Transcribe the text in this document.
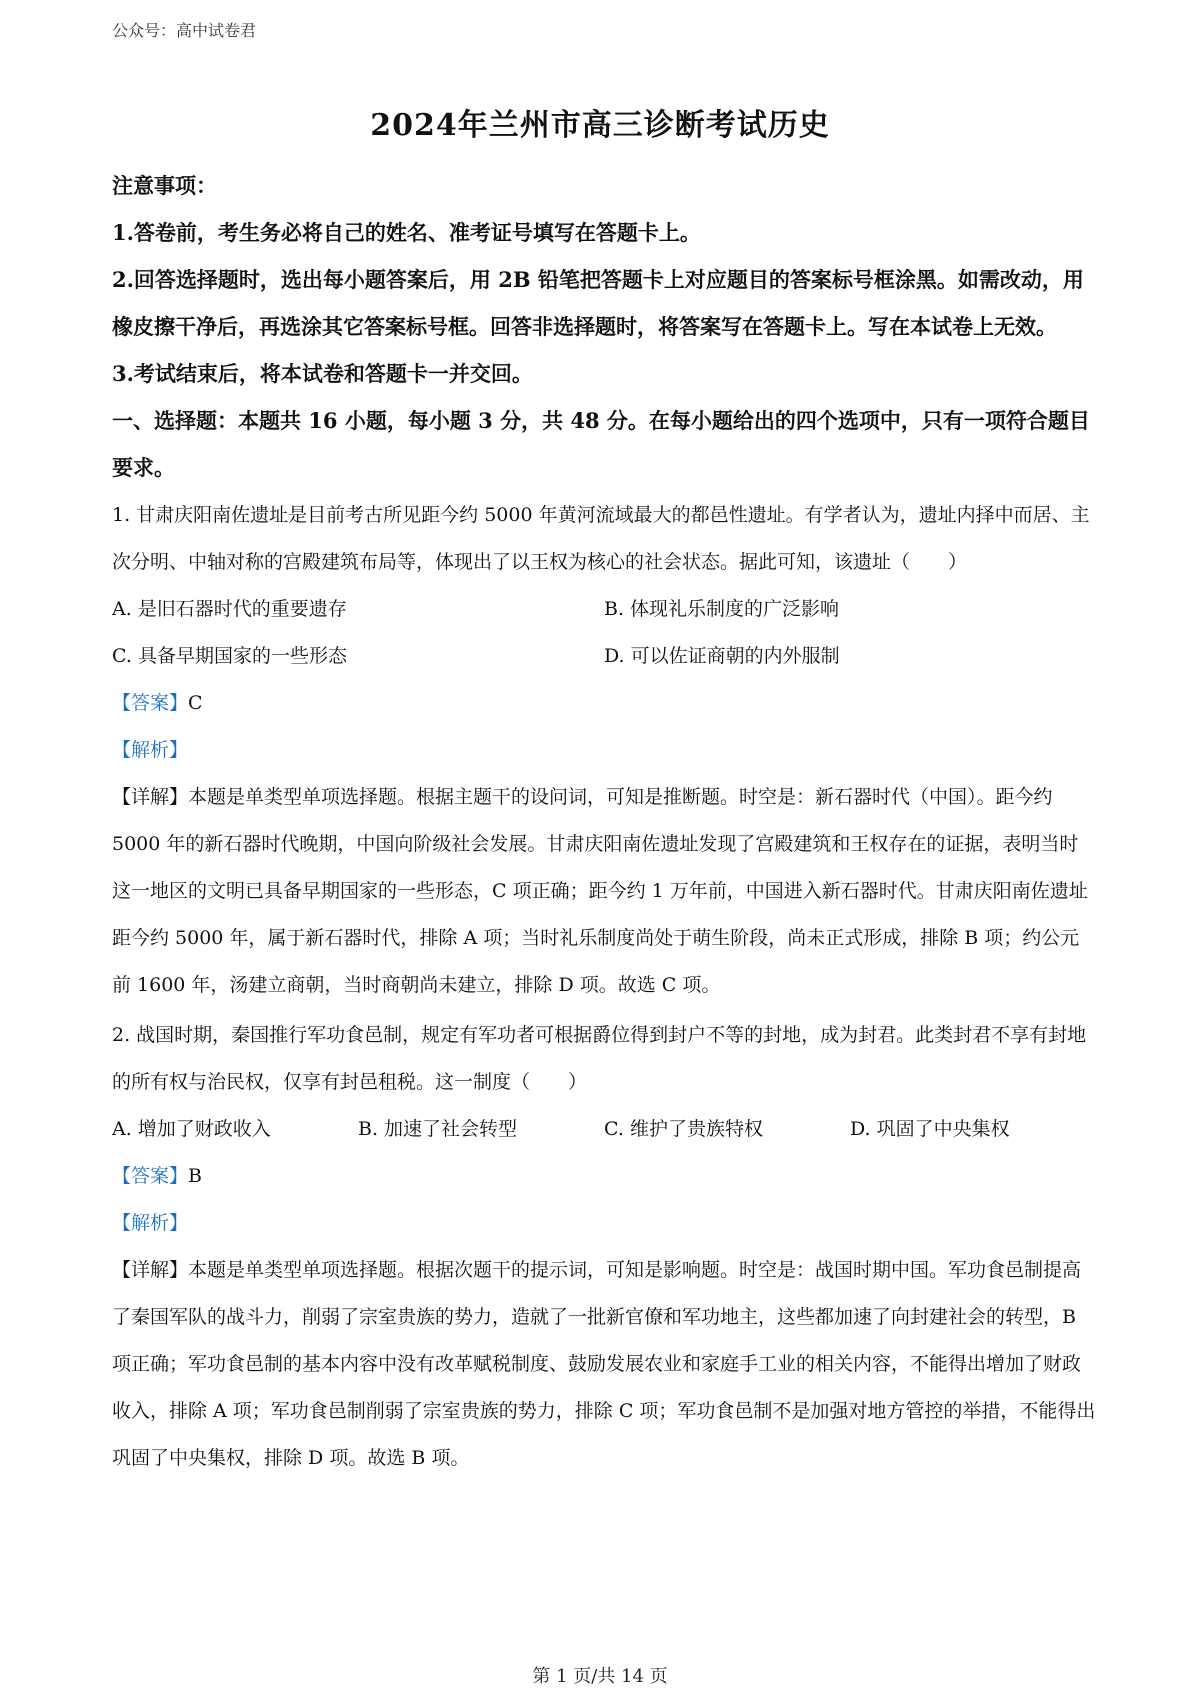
公众号：高中试卷君
2024年兰州市高三诊断考试历史

注意事项：

1.答卷前，考生务必将自己的姓名、准考证号填写在答题卡上。

2.回答选择题时，选出每小题答案后，用 2B 铅笔把答题卡上对应题目的答案标号框涂黑。如需改动，用橡皮擦干净后，再选涂其它答案标号框。回答非选择题时，将答案写在答题卡上。写在本试卷上无效。

3.考试结束后，将本试卷和答题卡一并交回。

一、选择题：本题共 16 小题，每小题 3 分，共 48 分。在每小题给出的四个选项中，只有一项符合题目要求。

1. 甘肃庆阳南佐遗址是目前考古所见距今约 5000 年黄河流域最大的都邑性遗址。有学者认为，遗址内择中而居、主次分明、中轴对称的宫殿建筑布局等，体现出了以王权为核心的社会状态。据此可知，该遗址（　　）

A. 是旧石器时代的重要遗存	B. 体现礼乐制度的广泛影响
C. 具备早期国家的一些形态	D. 可以佐证商朝的内外服制

【答案】C

【解析】

【详解】本题是单类型单项选择题。根据主题干的设问词，可知是推断题。时空是：新石器时代（中国）。距今约 5000 年的新石器时代晚期，中国向阶级社会发展。甘肃庆阳南佐遗址发现了宫殿建筑和王权存在的证据，表明当时这一地区的文明已具备早期国家的一些形态，C 项正确；距今约 1 万年前，中国进入新石器时代。甘肃庆阳南佐遗址距今约 5000 年，属于新石器时代，排除 A 项；当时礼乐制度尚处于萌生阶段，尚未正式形成，排除 B 项；约公元前 1600 年，汤建立商朝，当时商朝尚未建立，排除 D 项。故选 C 项。

2. 战国时期，秦国推行军功食邑制，规定有军功者可根据爵位得到封户不等的封地，成为封君。此类封君不享有封地的所有权与治民权，仅享有封邑租税。这一制度（　　）

A. 增加了财政收入	B. 加速了社会转型	C. 维护了贵族特权	D. 巩固了中央集权

【答案】B

【解析】

【详解】本题是单类型单项选择题。根据次题干的提示词，可知是影响题。时空是：战国时期中国。军功食邑制提高了秦国军队的战斗力，削弱了宗室贵族的势力，造就了一批新官僚和军功地主，这些都加速了向封建社会的转型，B 项正确；军功食邑制的基本内容中没有改革赋税制度、鼓励发展农业和家庭手工业的相关内容，不能得出增加了财政收入，排除 A 项；军功食邑制削弱了宗室贵族的势力，排除 C 项；军功食邑制不是加强对地方管控的举措，不能得出巩固了中央集权，排除 D 项。故选 B 项。

第 1 页/共 14 页
